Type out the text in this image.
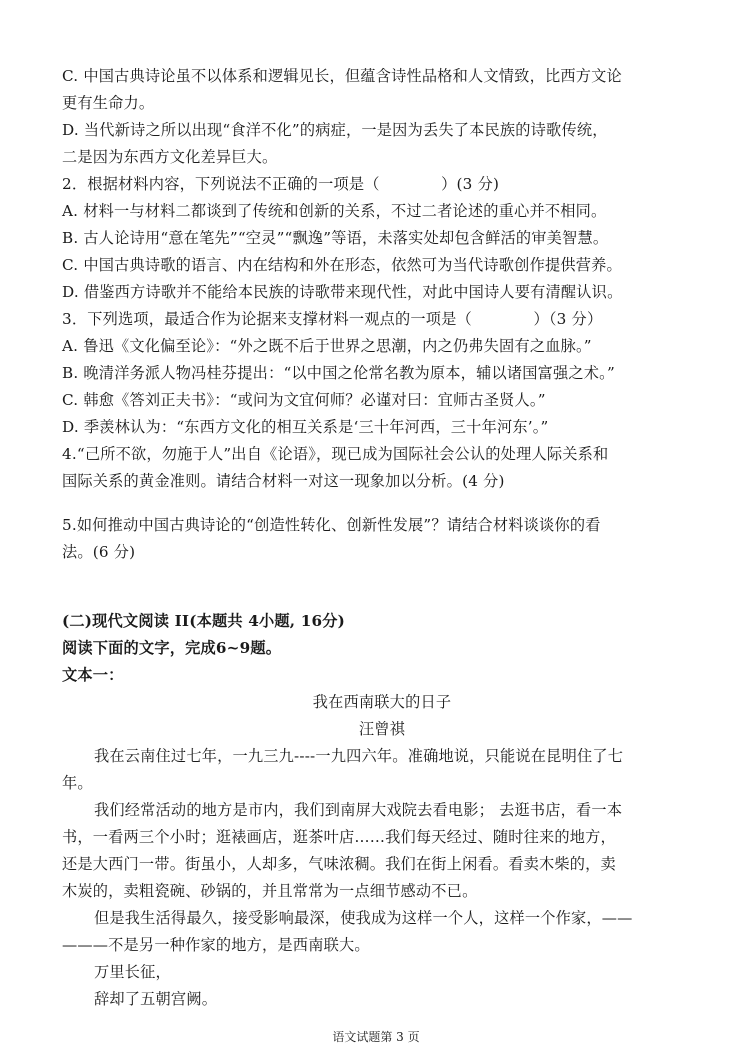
C. 中国古典诗论虽不以体系和逻辑见长，但蕴含诗性品格和人文情致，比西方文论
更有生命力。
D. 当代新诗之所以出现“食洋不化”的病症，一是因为丢失了本民族的诗歌传统，
二是因为东西方文化差异巨大。
2．根据材料内容，下列说法不正确的一项是（　　　　）(3 分)
A. 材料一与材料二都谈到了传统和创新的关系，不过二者论述的重心并不相同。
B. 古人论诗用“意在笔先”“空灵”“飘逸”等语，未落实处却包含鲜活的审美智慧。
C. 中国古典诗歌的语言、内在结构和外在形态，依然可为当代诗歌创作提供营养。
D. 借鉴西方诗歌并不能给本民族的诗歌带来现代性，对此中国诗人要有清醒认识。
3．下列选项，最适合作为论据来支撑材料一观点的一项是（　　　　）（3 分）
A. 鲁迅《文化偏至论》：“外之既不后于世界之思潮，内之仍弗失固有之血脉。”
B. 晚清洋务派人物冯桂芬提出：“以中国之伦常名教为原本，辅以诸国富强之术。”
C. 韩愈《答刘正夫书》：“或问为文宜何师？必谨对曰：宜师古圣贤人。”
D. 季羡林认为：“东西方文化的相互关系是‘三十年河西，三十年河东’。”
4.“己所不欲，勿施于人”出自《论语》，现已成为国际社会公认的处理人际关系和
国际关系的黄金准则。请结合材料一对这一现象加以分析。(4 分)
5.如何推动中国古典诗论的“创造性转化、创新性发展”？请结合材料谈谈你的看
法。(6 分)
(二)现代文阅读 II(本题共 4小题, 16分)
阅读下面的文字，完成6~9题。
文本一：
我在西南联大的日子
汪曾祺
我在云南住过七年，一九三九----一九四六年。准确地说，只能说在昆明住了七
年。
我们经常活动的地方是市内，我们到南屏大戏院去看电影； 去逛书店，看一本
书，一看两三个小时；逛裱画店，逛茶叶店……我们每天经过、随时往来的地方，
还是大西门一带。街虽小，人却多，气味浓稠。我们在街上闲看。看卖木柴的，卖
木炭的，卖粗瓷碗、砂锅的，并且常常为一点细节感动不已。
但是我生活得最久，接受影响最深，使我成为这样一个人，这样一个作家，——
———不是另一种作家的地方，是西南联大。
万里长征，
辞却了五朝宫阙。
语文试题第 3 页
